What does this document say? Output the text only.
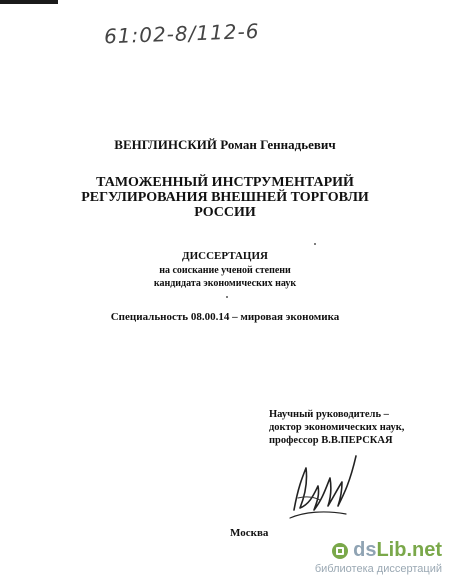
61:02-8/112-6
ВЕНГЛИНСКИЙ Роман Геннадьевич
ТАМОЖЕННЫЙ ИНСТРУМЕНТАРИЙ
РЕГУЛИРОВАНИЯ ВНЕШНЕЙ ТОРГОВЛИ
РОССИИ
ДИССЕРТАЦИЯ
на соискание ученой степени
кандидата экономических наук
Специальность 08.00.14 – мировая экономика
Научный руководитель –
доктор экономических наук,
профессор В.В.ПЕРСКАЯ
Москва
dsLib.net
библиотека диссертаций
